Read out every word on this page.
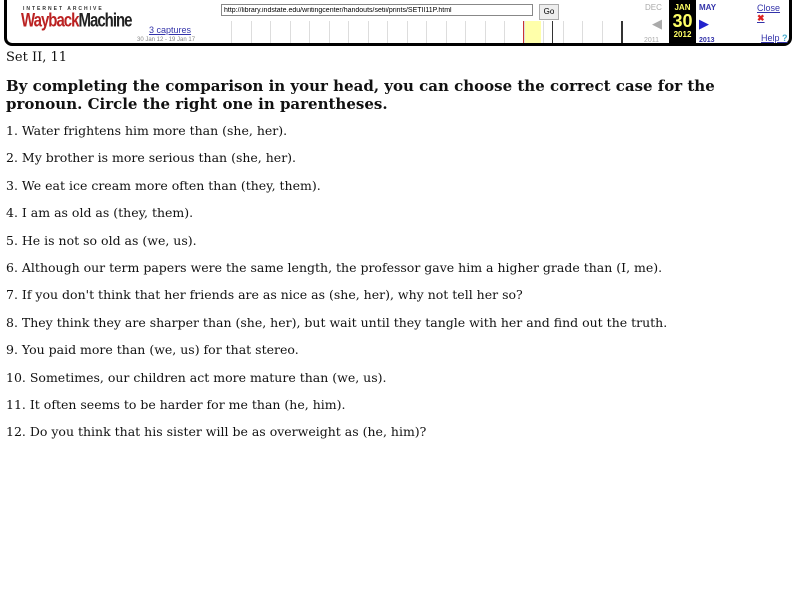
INTERNET ARCHIVE
WaybackMachine 3 captures
30 Jan 12 - 19 Jan 17
http://library.indstate.edu/writingcenter/handouts/setii/prints/SETII11P.html
Go	DEC
◀
2011
JAN
30
2012
MAY
▶
2013
Close ✖
Help ?

Set II, 11

By completing the comparison in your head, you can choose the correct case for the pronoun. Circle the right one in parentheses.

1. Water frightens him more than (she, her).

2. My brother is more serious than (she, her).

3. We eat ice cream more often than (they, them).

4. I am as old as (they, them).

5. He is not so old as (we, us).

6. Although our term papers were the same length, the professor gave him a higher grade than (I, me).

7. If you don't think that her friends are as nice as (she, her), why not tell her so?

8. They think they are sharper than (she, her), but wait until they tangle with her and find out the truth.

9. You paid more than (we, us) for that stereo.

10. Sometimes, our children act more mature than (we, us).

11. It often seems to be harder for me than (he, him).

12. Do you think that his sister will be as overweight as (he, him)?
